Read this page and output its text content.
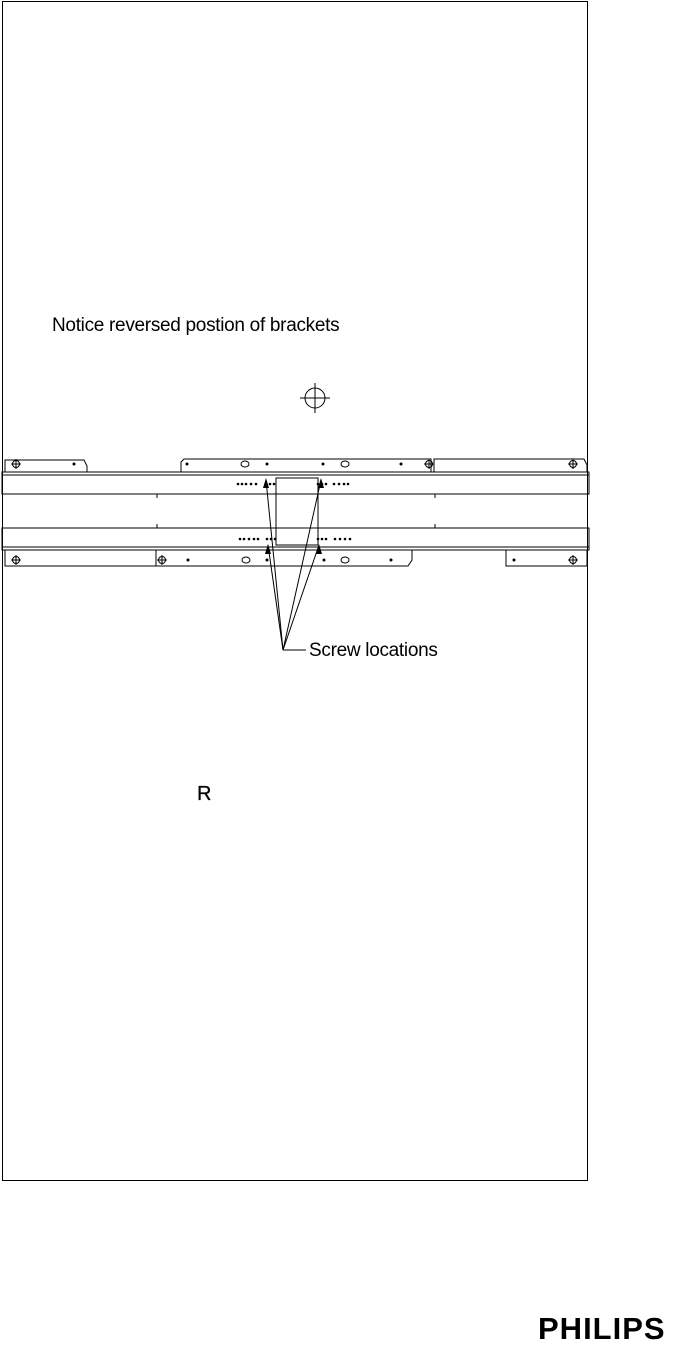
Notice reversed postion of brackets
Screw locations
R
PHILIPS
